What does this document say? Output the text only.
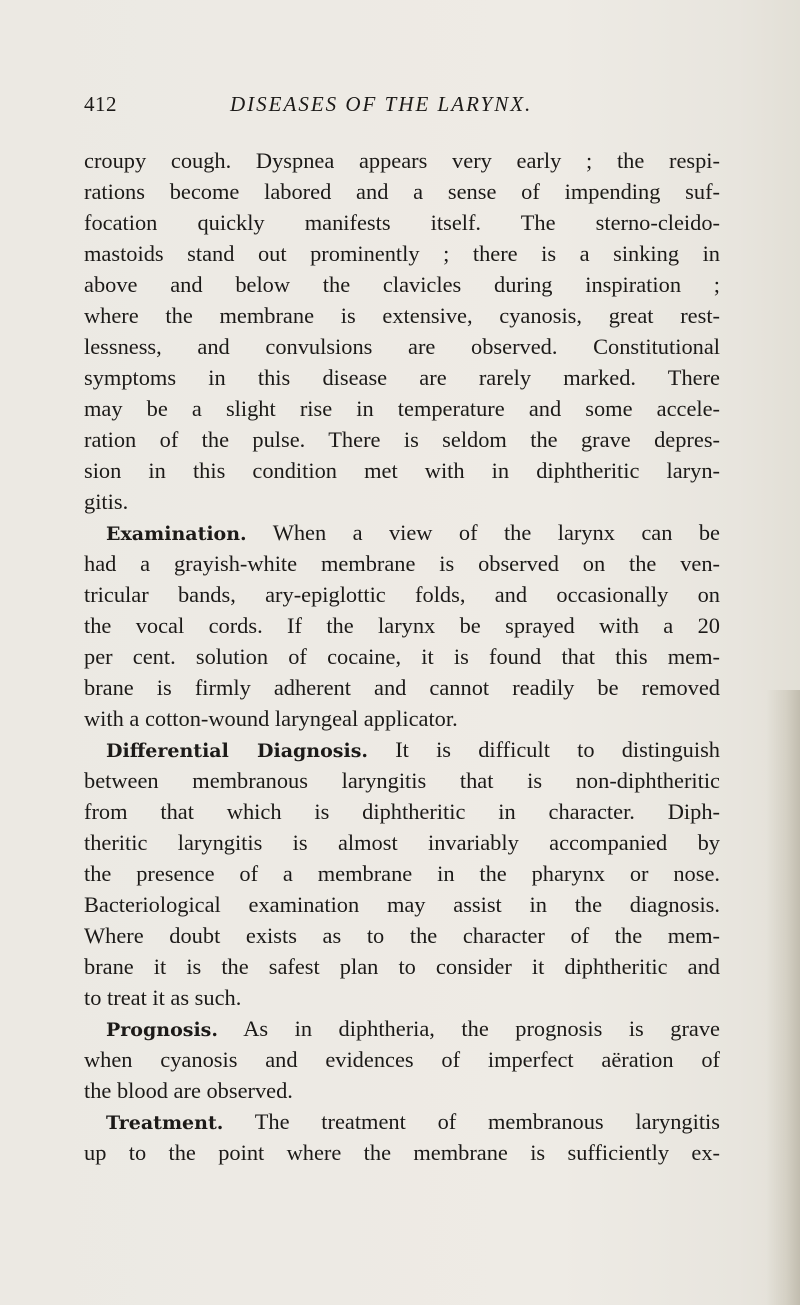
412	DISEASES OF THE LARYNX.
croupy cough. Dyspnea appears very early ; the respi-
rations become labored and a sense of impending suf-
focation quickly manifests itself. The sterno-cleido-
mastoids stand out prominently ; there is a sinking in
above and below the clavicles during inspiration ;
where the membrane is extensive, cyanosis, great rest-
lessness, and convulsions are observed. Constitutional
symptoms in this disease are rarely marked. There
may be a slight rise in temperature and some accele-
ration of the pulse. There is seldom the grave depres-
sion in this condition met with in diphtheritic laryn-
gitis.
Examination. When a view of the larynx can be
had a grayish-white membrane is observed on the ven-
tricular bands, ary-epiglottic folds, and occasionally on
the vocal cords. If the larynx be sprayed with a 20
per cent. solution of cocaine, it is found that this mem-
brane is firmly adherent and cannot readily be removed
with a cotton-wound laryngeal applicator.
Differential Diagnosis. It is difficult to distinguish
between membranous laryngitis that is non-diphtheritic
from that which is diphtheritic in character. Diph-
theritic laryngitis is almost invariably accompanied by
the presence of a membrane in the pharynx or nose.
Bacteriological examination may assist in the diagnosis.
Where doubt exists as to the character of the mem-
brane it is the safest plan to consider it diphtheritic and
to treat it as such.
Prognosis. As in diphtheria, the prognosis is grave
when cyanosis and evidences of imperfect aëration of
the blood are observed.
Treatment. The treatment of membranous laryngitis
up to the point where the membrane is sufficiently ex-
